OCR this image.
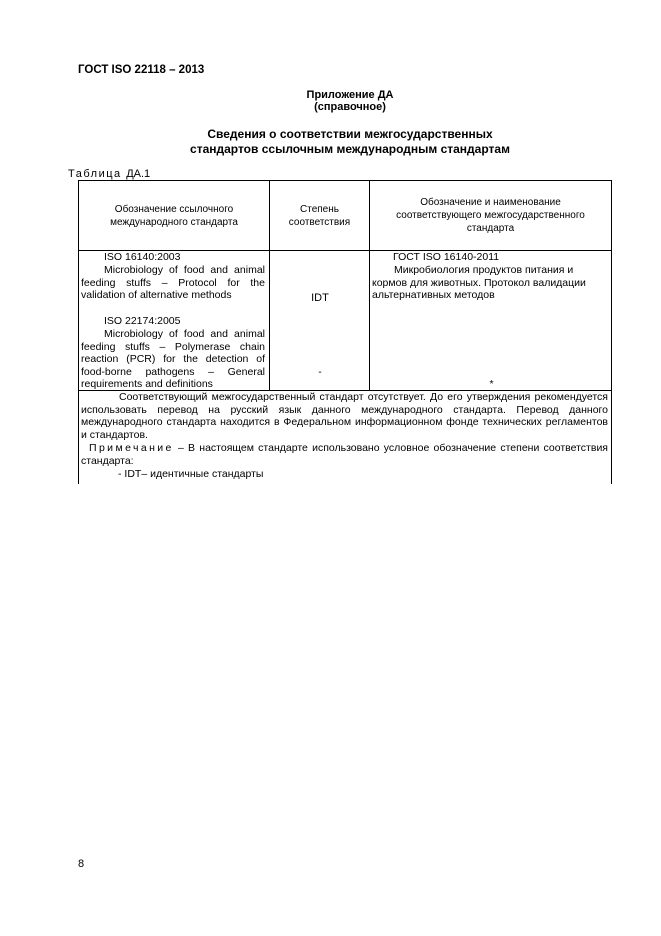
ГОСТ ISO 22118 – 2013
Приложение ДА
(справочное)
Сведения о соответствии межгосударственных
стандартов ссылочным международным стандартам
Таблица ДА.1
Обозначение ссылочного международного стандарта
Степень соответствия
Обозначение и наименование соответствующего межгосударственного стандарта
ISO 16140:2003
Microbiology of food and animal feeding stuffs – Protocol for the validation of alternative methods	IDT
ГОСТ ISO 16140-2011
Микробиология продуктов питания и кормов для животных. Протокол валидации альтернативных методов
ISO 22174:2005
Microbiology of food and animal feeding stuffs – Polymerase chain reaction (PCR) for the detection of food-borne pathogens – General requirements and definitions
-
*
Соответствующий межгосударственный стандарт отсутствует. До его утверждения рекомендуется использовать перевод на русский язык данного международного стандарта. Перевод данного международного стандарта находится в Федеральном информационном фонде технических регламентов и стандартов.
Примечание – В настоящем стандарте использовано условное обозначение степени соответствия стандарта:
- IDT– идентичные стандарты
8
